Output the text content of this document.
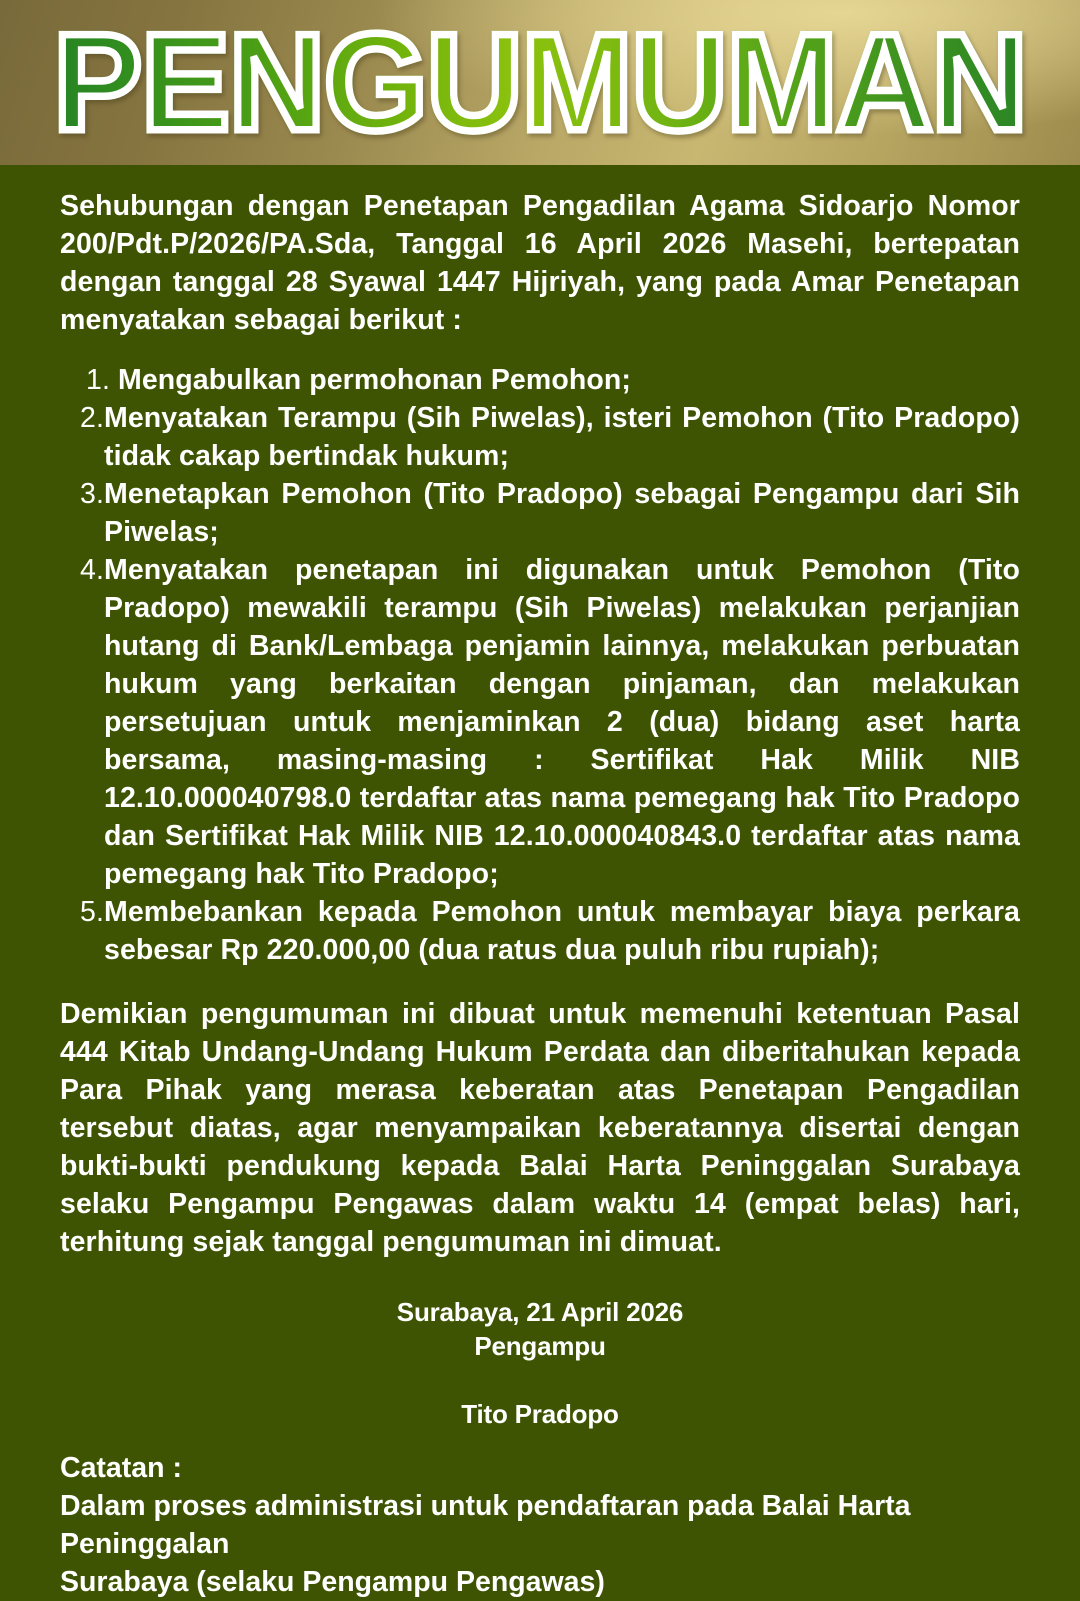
PENGUMUMAN

Sehubungan dengan Penetapan Pengadilan Agama Sidoarjo Nomor 200/Pdt.P/2026/PA.Sda, Tanggal 16 April 2026 Masehi, bertepatan dengan tanggal 28 Syawal 1447 Hijriyah, yang pada Amar Penetapan menyatakan sebagai berikut :

1. Mengabulkan permohonan Pemohon;
2. Menyatakan Terampu (Sih Piwelas), isteri Pemohon (Tito Pradopo) tidak cakap bertindak hukum;
3. Menetapkan Pemohon (Tito Pradopo) sebagai Pengampu dari Sih Piwelas;
4. Menyatakan penetapan ini digunakan untuk Pemohon (Tito Pradopo) mewakili terampu (Sih Piwelas) melakukan perjanjian hutang di Bank/Lembaga penjamin lainnya, melakukan perbuatan hukum yang berkaitan dengan pinjaman, dan melakukan persetujuan untuk menjaminkan 2 (dua) bidang aset harta bersama, masing-masing : Sertifikat Hak Milik NIB 12.10.000040798.0 terdaftar atas nama pemegang hak Tito Pradopo dan Sertifikat Hak Milik NIB 12.10.000040843.0 terdaftar atas nama pemegang hak Tito Pradopo;
5. Membebankan kepada Pemohon untuk membayar biaya perkara sebesar Rp 220.000,00 (dua ratus dua puluh ribu rupiah);

Demikian pengumuman ini dibuat untuk memenuhi ketentuan Pasal 444 Kitab Undang-Undang Hukum Perdata dan diberitahukan kepada Para Pihak yang merasa keberatan atas Penetapan Pengadilan tersebut diatas, agar menyampaikan keberatannya disertai dengan bukti-bukti pendukung kepada Balai Harta Peninggalan Surabaya selaku Pengampu Pengawas dalam waktu 14 (empat belas) hari, terhitung sejak tanggal pengumuman ini dimuat.

Surabaya, 21 April 2026
Pengampu
Tito Pradopo
Catatan :
Dalam proses administrasi untuk pendaftaran pada Balai Harta Peninggalan
Surabaya (selaku Pengampu Pengawas)
